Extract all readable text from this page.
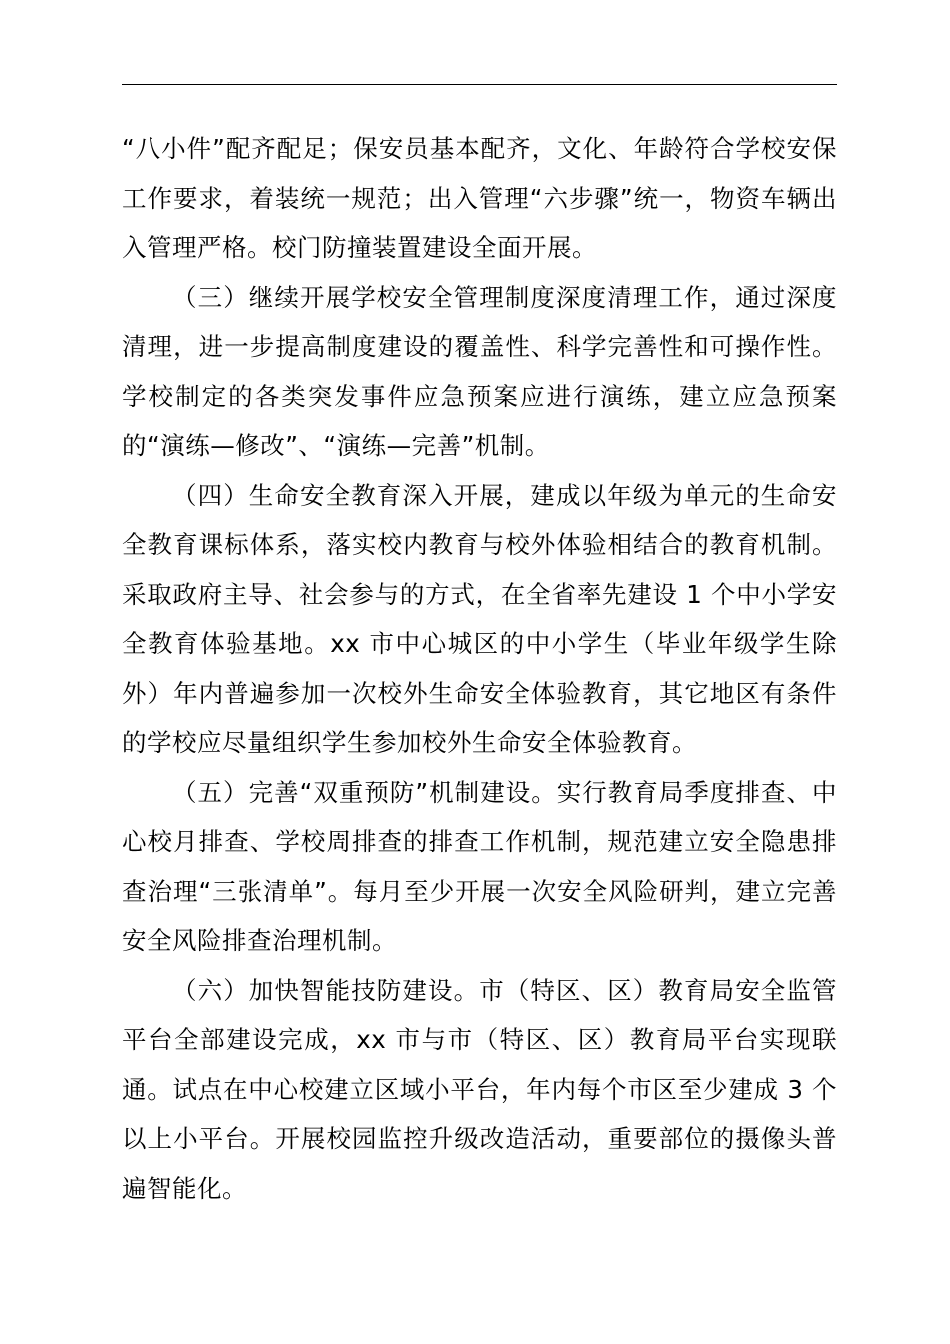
“八小件”配齐配足；保安员基本配齐，文化、年龄符合学校安保工作要求，着装统一规范；出入管理“六步骤”统一，物资车辆出入管理严格。校门防撞装置建设全面开展。

（三）继续开展学校安全管理制度深度清理工作，通过深度清理，进一步提高制度建设的覆盖性、科学完善性和可操作性。学校制定的各类突发事件应急预案应进行演练，建立应急预案的“演练—修改”、“演练—完善”机制。

（四）生命安全教育深入开展，建成以年级为单元的生命安全教育课标体系，落实校内教育与校外体验相结合的教育机制。采取政府主导、社会参与的方式，在全省率先建设 1 个中小学安全教育体验基地。xx 市中心城区的中小学生（毕业年级学生除外）年内普遍参加一次校外生命安全体验教育，其它地区有条件的学校应尽量组织学生参加校外生命安全体验教育。

（五）完善“双重预防”机制建设。实行教育局季度排查、中心校月排查、学校周排查的排查工作机制，规范建立安全隐患排查治理“三张清单”。每月至少开展一次安全风险研判，建立完善安全风险排查治理机制。

（六）加快智能技防建设。市（特区、区）教育局安全监管平台全部建设完成，xx 市与市（特区、区）教育局平台实现联通。试点在中心校建立区域小平台，年内每个市区至少建成 3 个以上小平台。开展校园监控升级改造活动，重要部位的摄像头普遍智能化。
